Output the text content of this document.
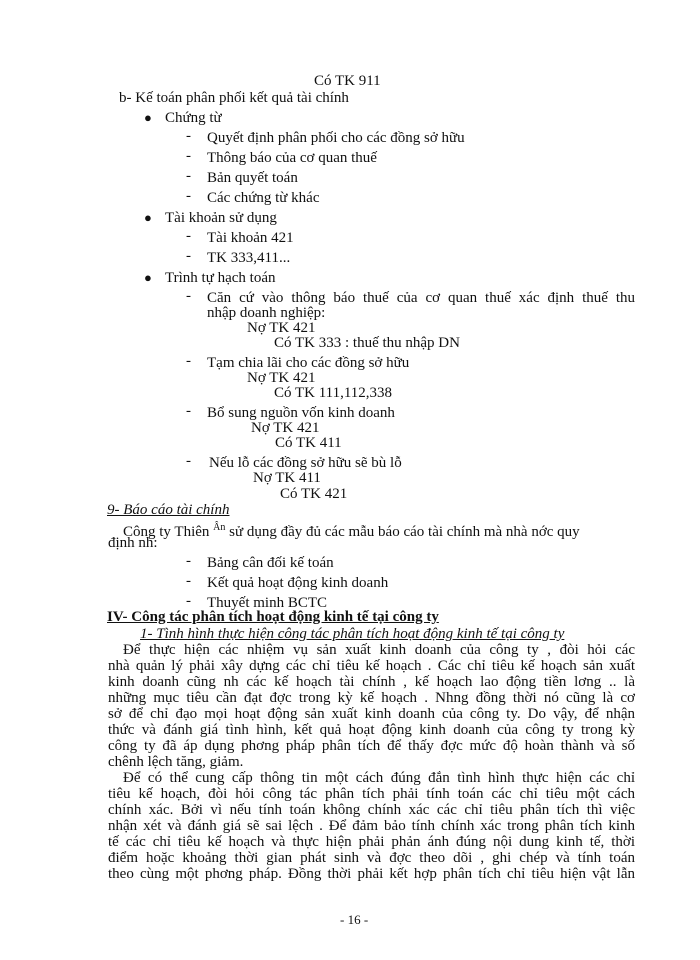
Có TK 911
b- Kế toán phân phối kết quả tài chính
● Chứng từ
- Quyết định phân phối cho các đồng sở hữu
- Thông báo của cơ quan thuế
- Bản quyết toán
- Các chứng từ khác
● Tài khoản sử dụng
- Tài khoản 421
- TK 333,411...
● Trình tự hạch toán
- Căn cứ vào thông báo thuế của cơ quan thuế xác định thuế thu
nhập doanh nghiệp:
Nợ TK 421
Có TK 333 : thuế thu nhập DN
- Tạm chia lãi cho các đồng sở hữu
Nợ TK 421
Có TK 111,112,338
- Bổ sung nguồn vốn kinh doanh
Nợ TK 421
Có TK 411
- Nếu lỗ các đồng sở hữu sẽ bù lỗ
Nợ TK 411
Có TK 421
9- Báo cáo tài chính
Công ty Thiên $^{Ân}$ sử dụng đầy đủ các mẫu báo cáo tài chính mà nhà nớc quy
định nh:
- Bảng cân đối kế toán
- Kết quả hoạt động kinh doanh
- Thuyết minh BCTC
IV- Công tác phân tích hoạt động kinh tế tại công ty
1- Tình hình thực hiện công tác phân tích hoạt động kinh tế tại công ty
Để thực hiện các nhiệm vụ sản xuất kinh doanh của công ty , đòi hỏi các
nhà quản lý phải xây dựng các chỉ tiêu kế hoạch . Các chỉ tiêu kế hoạch sản xuất
kinh doanh cũng nh các kế hoạch tài chính , kế hoạch lao động tiền lơng .. là
những mục tiêu cần đạt đợc trong kỳ kế hoạch . Nhng đồng thời nó cũng là cơ
sở để chỉ đạo mọi hoạt động sản xuất kinh doanh của công ty. Do vậy, để nhận
thức và đánh giá tình hình, kết quả hoạt động kinh doanh của công ty trong kỳ
công ty đã áp dụng phơng pháp phân tích để thấy đợc mức độ hoàn thành và số
chênh lệch tăng, giảm.
Để có thể cung cấp thông tin một cách đúng đắn tình hình thực hiện các chỉ
tiêu kế hoạch, đòi hỏi công tác phân tích phải tính toán các chỉ tiêu một cách
chính xác. Bởi vì nếu tính toán không chính xác các chỉ tiêu phân tích thì việc
nhận xét và đánh giá sẽ sai lệch . Để đảm bảo tính chính xác trong phân tích kinh
tế các chỉ tiêu kế hoạch và thực hiện phải phản ánh đúng nội dung kinh tế, thời
điểm hoặc khoảng thời gian phát sinh và đợc theo dõi , ghi chép và tính toán
theo cùng một phơng pháp. Đồng thời phải kết hợp phân tích chỉ tiêu hiện vật lẫn
- 16 -
